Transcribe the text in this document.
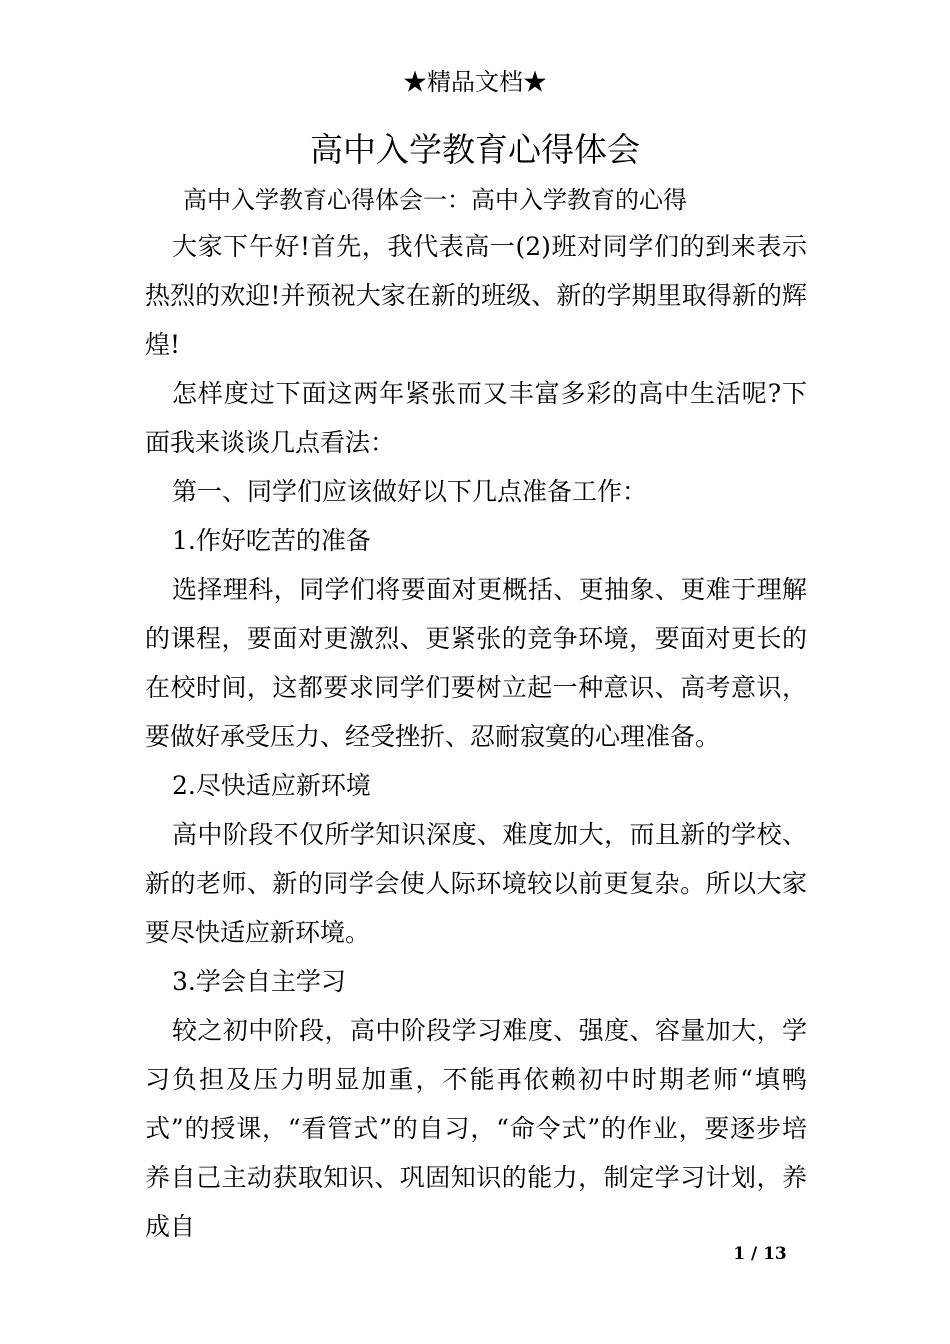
★精品文档★
高中入学教育心得体会
高中入学教育心得体会一：高中入学教育的心得

大家下午好!首先，我代表高一(2)班对同学们的到来表示热烈的欢迎!并预祝大家在新的班级、新的学期里取得新的辉煌!

怎样度过下面这两年紧张而又丰富多彩的高中生活呢?下面我来谈谈几点看法：

第一、同学们应该做好以下几点准备工作：

1.作好吃苦的准备

选择理科，同学们将要面对更概括、更抽象、更难于理解的课程，要面对更激烈、更紧张的竞争环境，要面对更长的在校时间，这都要求同学们要树立起一种意识、高考意识，要做好承受压力、经受挫折、忍耐寂寞的心理准备。

2.尽快适应新环境

高中阶段不仅所学知识深度、难度加大，而且新的学校、新的老师、新的同学会使人际环境较以前更复杂。所以大家要尽快适应新环境。

3.学会自主学习

较之初中阶段，高中阶段学习难度、强度、容量加大，学习负担及压力明显加重，不能再依赖初中时期老师“填鸭式”的授课，“看管式”的自习，“命令式”的作业，要逐步培养自己主动获取知识、巩固知识的能力，制定学习计划，养成自

1 / 13
